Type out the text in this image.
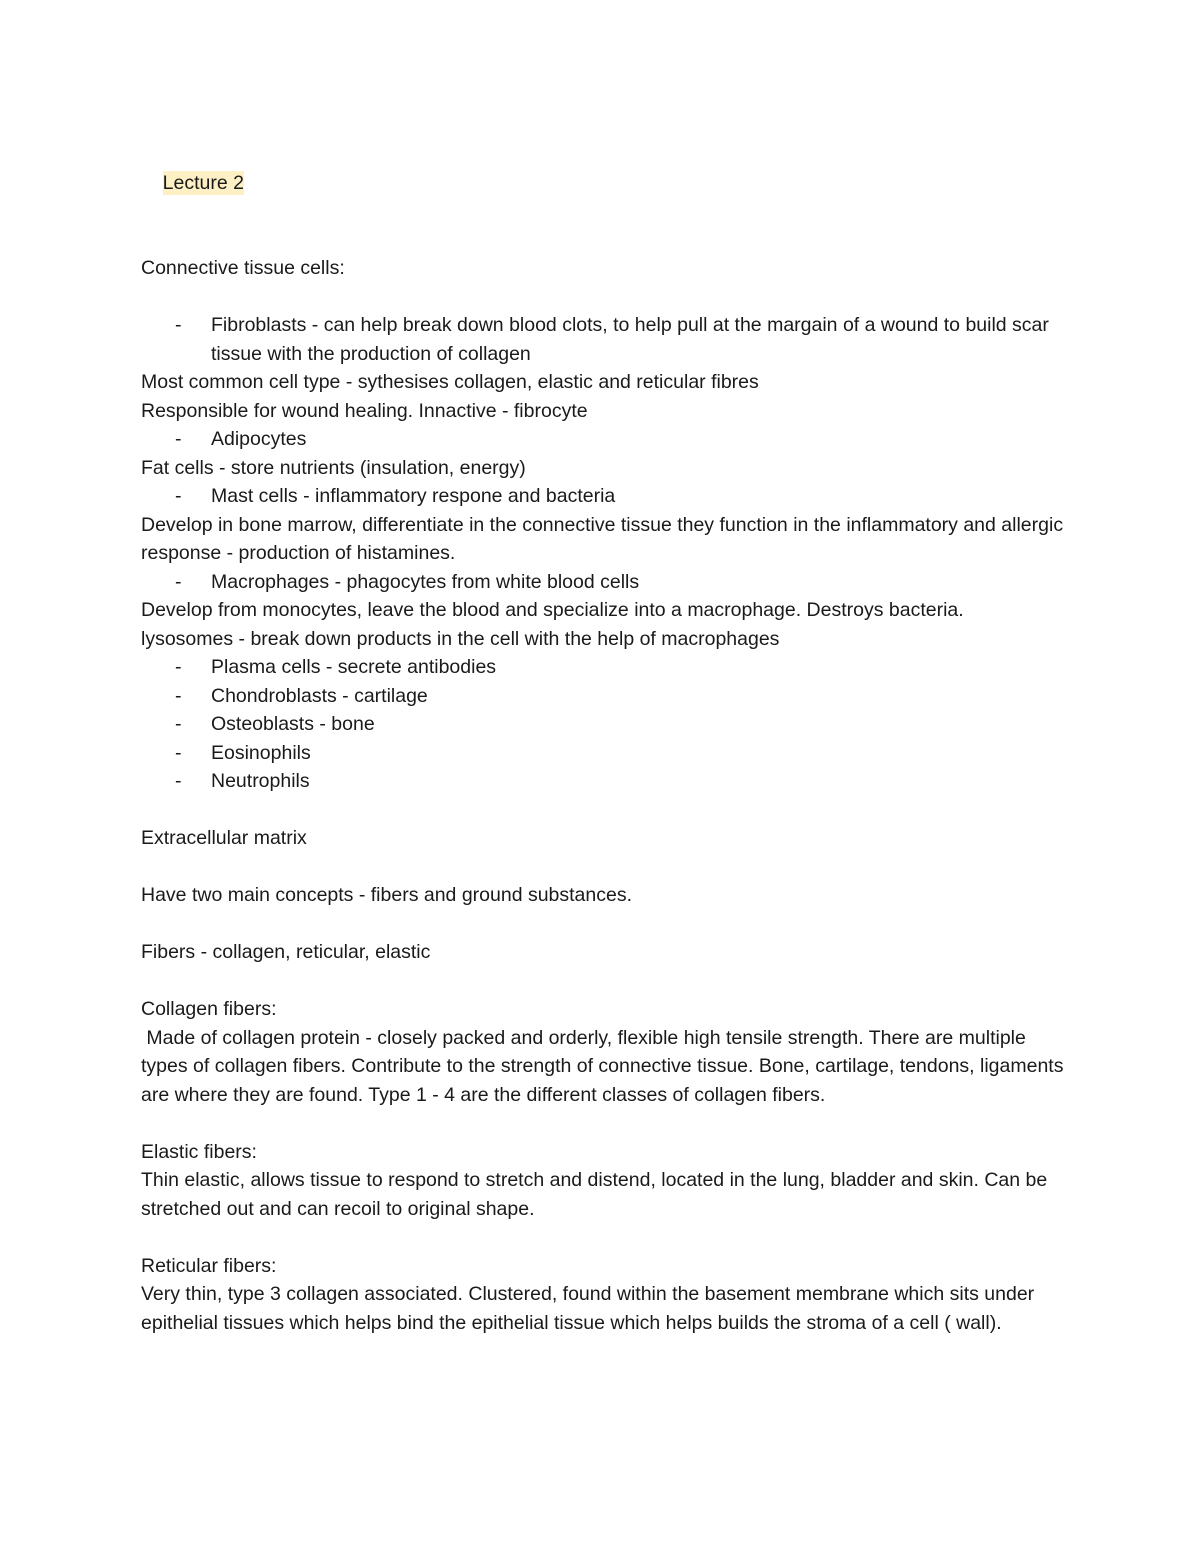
Lecture 2

Connective tissue cells:
-	Fibroblasts - can help break down blood clots, to help pull at the margain of a wound to build scar tissue with the production of collagen
Most common cell type - sythesises collagen, elastic and reticular fibres
Responsible for wound healing. Innactive - fibrocyte
-	Adipocytes
Fat cells - store nutrients (insulation, energy)
-	Mast cells - inflammatory respone and bacteria
Develop in bone marrow, differentiate in the connective tissue they function in the inflammatory and allergic response - production of histamines.
-	Macrophages - phagocytes from white blood cells
Develop from monocytes, leave the blood and specialize into a macrophage. Destroys bacteria.
lysosomes - break down products in the cell with the help of macrophages
-	Plasma cells - secrete antibodies
-	Chondroblasts - cartilage
-	Osteoblasts - bone
-	Eosinophils
-	Neutrophils
Extracellular matrix
Have two main concepts - fibers and ground substances.
Fibers - collagen, reticular, elastic
Collagen fibers:
Made of collagen protein - closely packed and orderly, flexible high tensile strength. There are multiple types of collagen fibers. Contribute to the strength of connective tissue. Bone, cartilage, tendons, ligaments are where they are found. Type 1 - 4 are the different classes of collagen fibers.
Elastic fibers:
Thin elastic, allows tissue to respond to stretch and distend, located in the lung, bladder and skin. Can be stretched out and can recoil to original shape.
Reticular fibers:
Very thin, type 3 collagen associated. Clustered, found within the basement membrane which sits under epithelial tissues which helps bind the epithelial tissue which helps builds the stroma of a cell ( wall).
